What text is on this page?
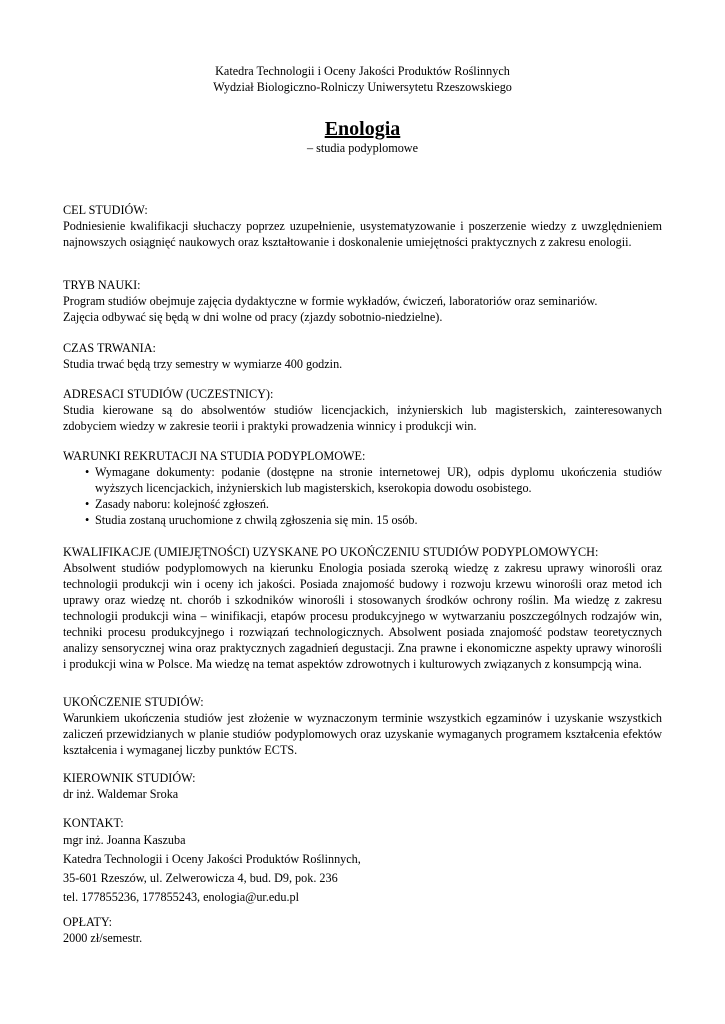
Katedra Technologii i Oceny Jakości Produktów Roślinnych
Wydział Biologiczno-Rolniczy Uniwersytetu Rzeszowskiego
Enologia
– studia podyplomowe

CEL STUDIÓW:

Podniesienie kwalifikacji słuchaczy poprzez uzupełnienie, usystematyzowanie i poszerzenie wiedzy z uwzględnieniem najnowszych osiągnięć naukowych oraz kształtowanie i doskonalenie umiejętności praktycznych z zakresu enologii.

TRYB NAUKI:

Program studiów obejmuje zajęcia dydaktyczne w formie wykładów, ćwiczeń, laboratoriów oraz seminariów.

Zajęcia odbywać się będą w dni wolne od pracy (zjazdy sobotnio-niedzielne).

CZAS TRWANIA:

Studia trwać będą trzy semestry w wymiarze 400 godzin.

ADRESACI STUDIÓW (UCZESTNICY):

Studia kierowane są do absolwentów studiów licencjackich, inżynierskich lub magisterskich, zainteresowanych zdobyciem wiedzy w zakresie teorii i praktyki prowadzenia winnicy i produkcji win.

WARUNKI REKRUTACJI NA STUDIA PODYPLOMOWE:

• Wymagane dokumenty: podanie (dostępne na stronie internetowej UR), odpis dyplomu ukończenia studiów wyższych licencjackich, inżynierskich lub magisterskich, kserokopia dowodu osobistego.
• Zasady naboru: kolejność zgłoszeń.
• Studia zostaną uruchomione z chwilą zgłoszenia się min. 15 osób.

KWALIFIKACJE (UMIEJĘTNOŚCI) UZYSKANE PO UKOŃCZENIU STUDIÓW PODYPLOMOWYCH:

Absolwent studiów podyplomowych na kierunku Enologia posiada szeroką wiedzę z zakresu uprawy winorośli oraz technologii produkcji win i oceny ich jakości. Posiada znajomość budowy i rozwoju krzewu winorośli oraz metod ich uprawy oraz wiedzę nt. chorób i szkodników winorośli i stosowanych środków ochrony roślin. Ma wiedzę z zakresu technologii produkcji wina – winifikacji, etapów procesu produkcyjnego w wytwarzaniu poszczególnych rodzajów win, techniki procesu produkcyjnego i rozwiązań technologicznych. Absolwent posiada znajomość podstaw teoretycznych analizy sensorycznej wina oraz praktycznych zagadnień degustacji. Zna prawne i ekonomiczne aspekty uprawy winorośli i produkcji wina w Polsce. Ma wiedzę na temat aspektów zdrowotnych i kulturowych związanych z konsumpcją wina.

UKOŃCZENIE STUDIÓW:

Warunkiem ukończenia studiów jest złożenie w wyznaczonym terminie wszystkich egzaminów i uzyskanie wszystkich zaliczeń przewidzianych w planie studiów podyplomowych oraz uzyskanie wymaganych programem kształcenia efektów kształcenia i wymaganej liczby punktów ECTS.

KIEROWNIK STUDIÓW:

dr inż. Waldemar Sroka

KONTAKT:

mgr inż. Joanna Kaszuba
Katedra Technologii i Oceny Jakości Produktów Roślinnych,
35-601 Rzeszów, ul. Zelwerowicza 4, bud. D9, pok. 236
tel. 177855236, 177855243, enologia@ur.edu.pl

OPŁATY:

2000 zł/semestr.
